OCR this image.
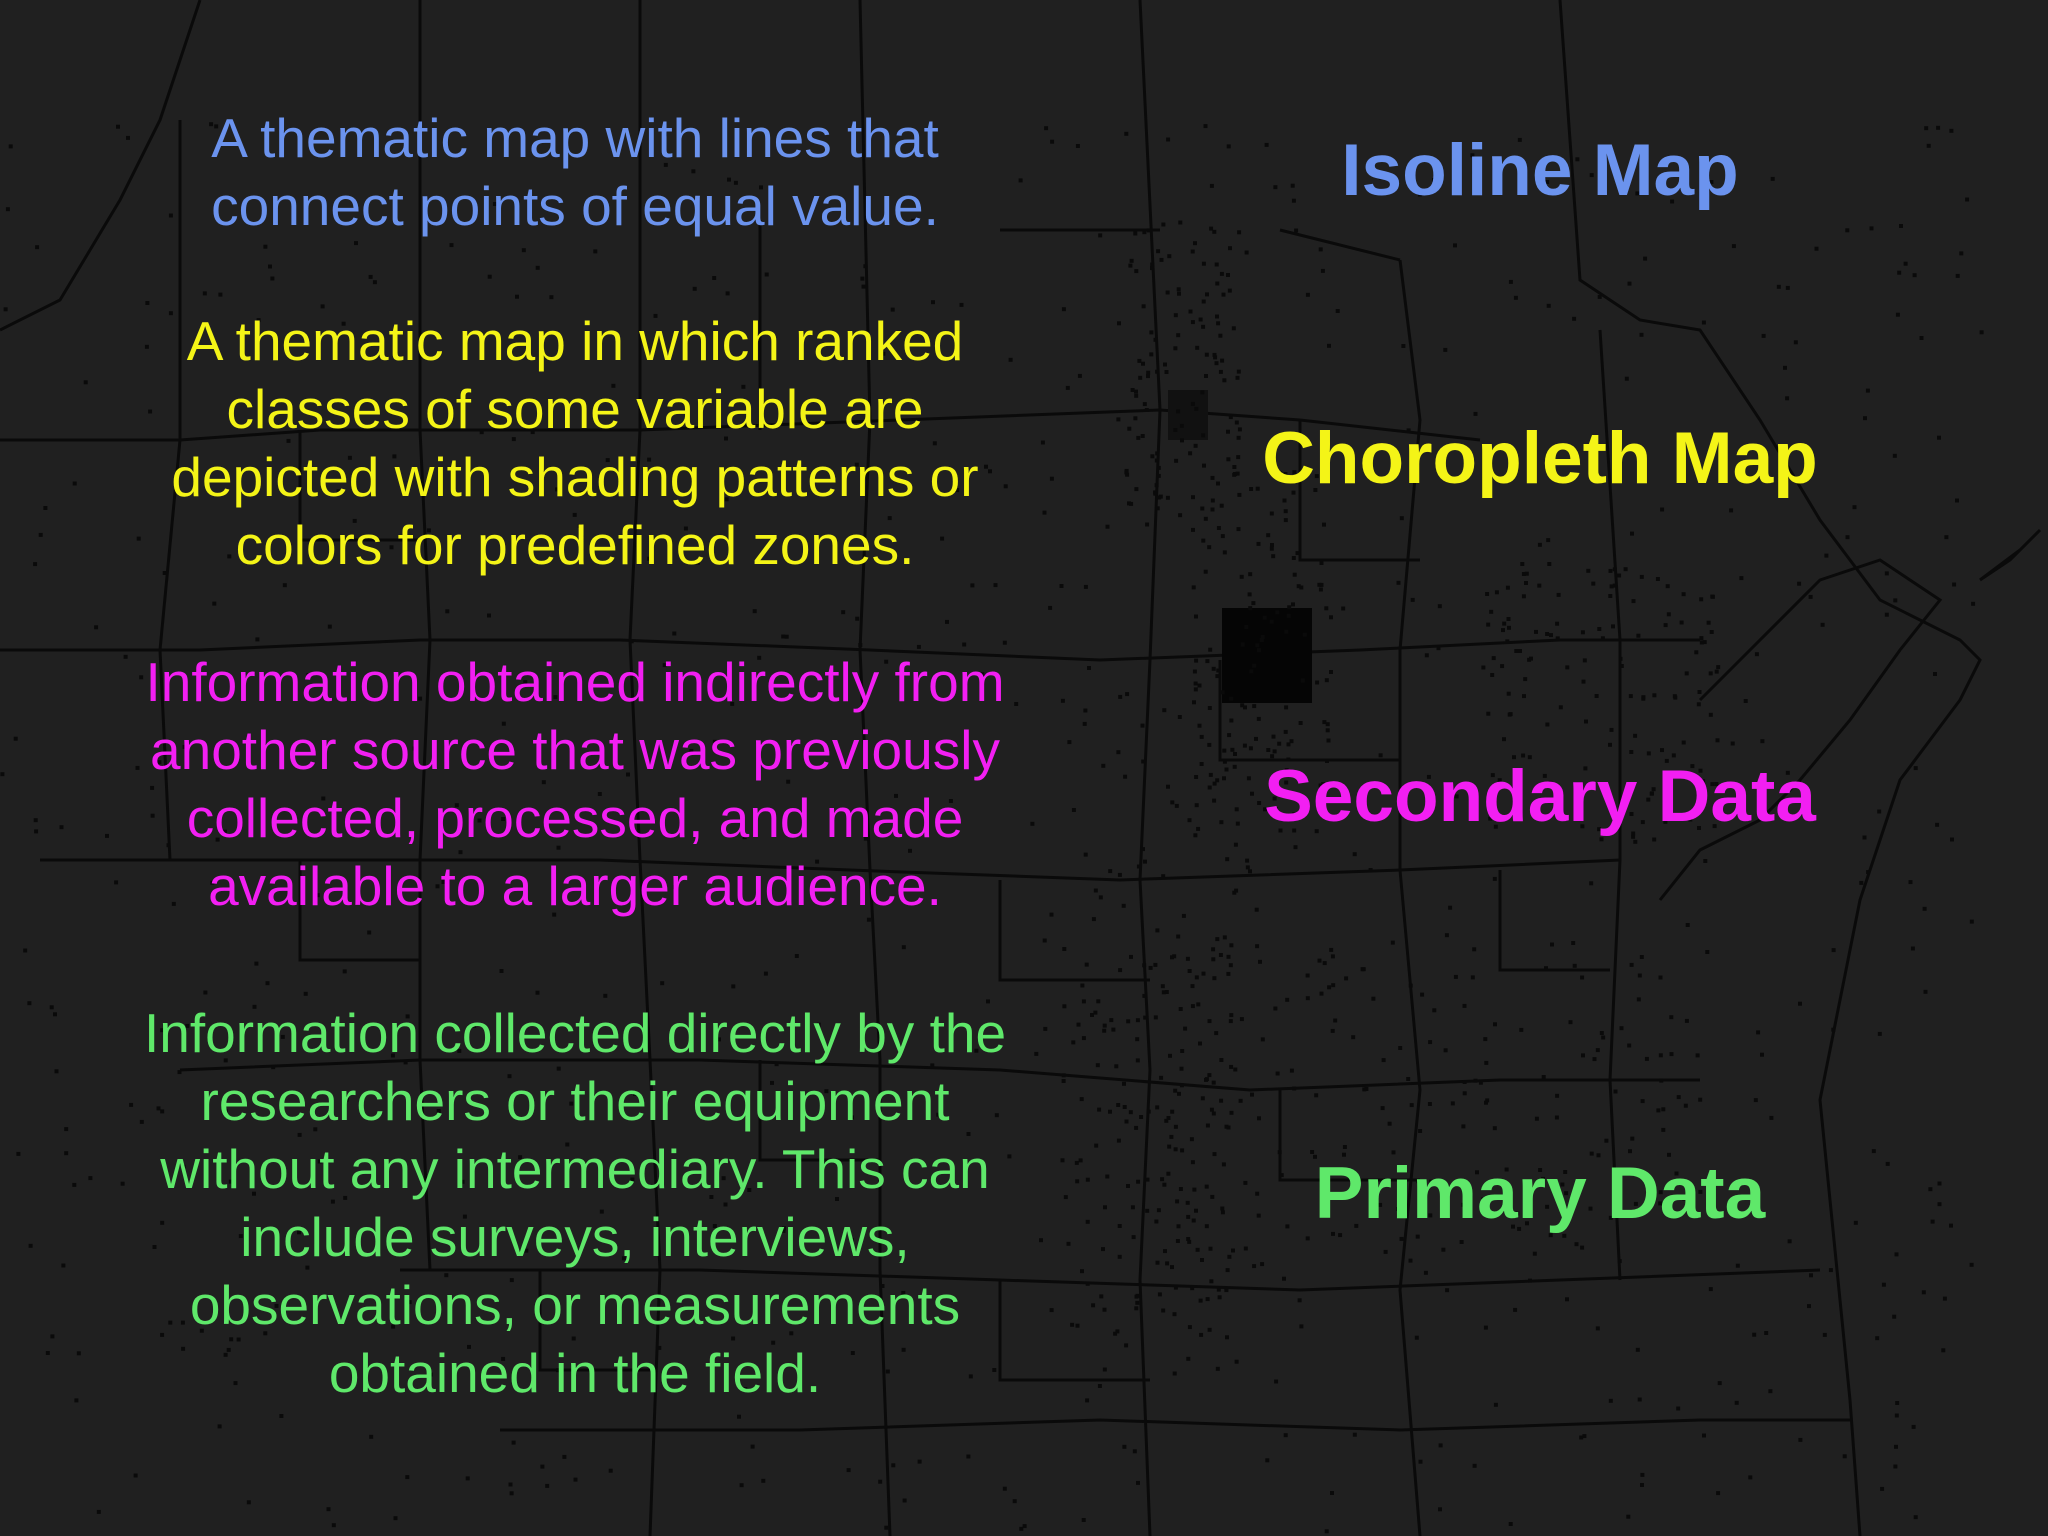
A thematic map with lines that
connect points of equal value.

A thematic map in which ranked
classes of some variable are
depicted with shading patterns or
colors for predefined zones.

Information obtained indirectly from
another source that was previously
collected, processed, and made
available to a larger audience.

Information collected directly by the
researchers or their equipment
without any intermediary. This can
include surveys, interviews,
observations, or measurements
obtained in the field.

Isoline Map
Choropleth Map
Secondary Data
Primary Data
